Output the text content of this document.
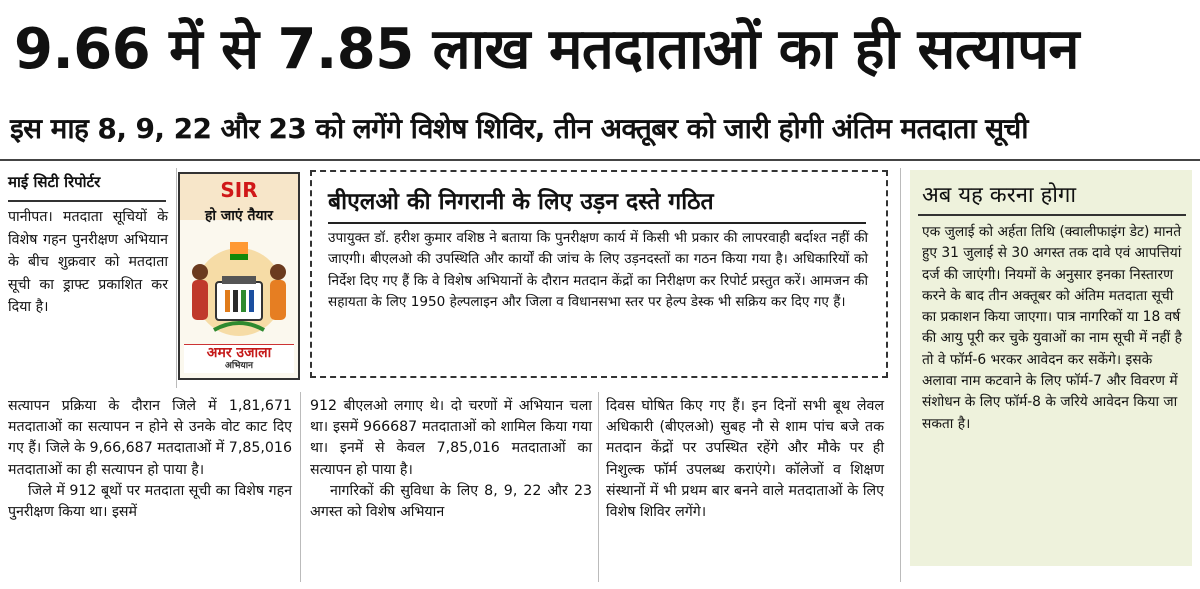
9.66 में से 7.85 लाख मतदाताओं का ही सत्यापन
इस माह 8, 9, 22 और 23 को लगेंगे विशेष शिविर, तीन अक्तूबर को जारी होगी अंतिम मतदाता सूची
माई सिटी रिपोर्टर
पानीपत। मतदाता सूचियों के विशेष गहन पुनरीक्षण अभियान के बीच शुक्रवार को मतदाता सूची का ड्राफ्ट प्रकाशित कर दिया है।
SIR
हो जाएं तैयार
अमर उजाला
अभियान
बीएलओ की निगरानी के लिए उड़न दस्ते गठित
उपायुक्त डॉ. हरीश कुमार वशिष्ठ ने बताया कि पुनरीक्षण कार्य में किसी भी प्रकार की लापरवाही बर्दाश्त नहीं की जाएगी। बीएलओ की उपस्थिति और कार्यों की जांच के लिए उड़नदस्तों का गठन किया गया है। अधिकारियों को निर्देश दिए गए हैं कि वे विशेष अभियानों के दौरान मतदान केंद्रों का निरीक्षण कर रिपोर्ट प्रस्तुत करें। आमजन की सहायता के लिए 1950 हेल्पलाइन और जिला व विधानसभा स्तर पर हेल्प डेस्क भी सक्रिय कर दिए गए हैं।
सत्यापन प्रक्रिया के दौरान जिले में 1,81,671 मतदाताओं का सत्यापन न होने से उनके वोट काट दिए गए हैं। जिले के 9,66,687 मतदाताओं में 7,85,016 मतदाताओं का ही सत्यापन हो पाया है।
जिले में 912 बूथों पर मतदाता सूची का विशेष गहन पुनरीक्षण किया था। इसमें
912 बीएलओ लगाए थे। दो चरणों में अभियान चला था। इसमें 966687 मतदाताओं को शामिल किया गया था। इनमें से केवल 7,85,016 मतदाताओं का सत्यापन हो पाया है।
नागरिकों की सुविधा के लिए 8, 9, 22 और 23 अगस्त को विशेष अभियान
दिवस घोषित किए गए हैं। इन दिनों सभी बूथ लेवल अधिकारी (बीएलओ) सुबह नौ से शाम पांच बजे तक मतदान केंद्रों पर उपस्थित रहेंगे और मौके पर ही निशुल्क फॉर्म उपलब्ध कराएंगे। कॉलेजों व शिक्षण संस्थानों में भी प्रथम बार बनने वाले मतदाताओं के लिए विशेष शिविर लगेंगे।
अब यह करना होगा
एक जुलाई को अर्हता तिथि (क्वालीफाइंग डेट) मानते हुए 31 जुलाई से 30 अगस्त तक दावे एवं आपत्तियां दर्ज की जाएंगी। नियमों के अनुसार इनका निस्तारण करने के बाद तीन अक्तूबर को अंतिम मतदाता सूची का प्रकाशन किया जाएगा। पात्र नागरिकों या 18 वर्ष की आयु पूरी कर चुके युवाओं का नाम सूची में नहीं है तो वे फॉर्म-6 भरकर आवेदन कर सकेंगे। इसके अलावा नाम कटवाने के लिए फॉर्म-7 और विवरण में संशोधन के लिए फॉर्म-8 के जरिये आवेदन किया जा सकता है।
